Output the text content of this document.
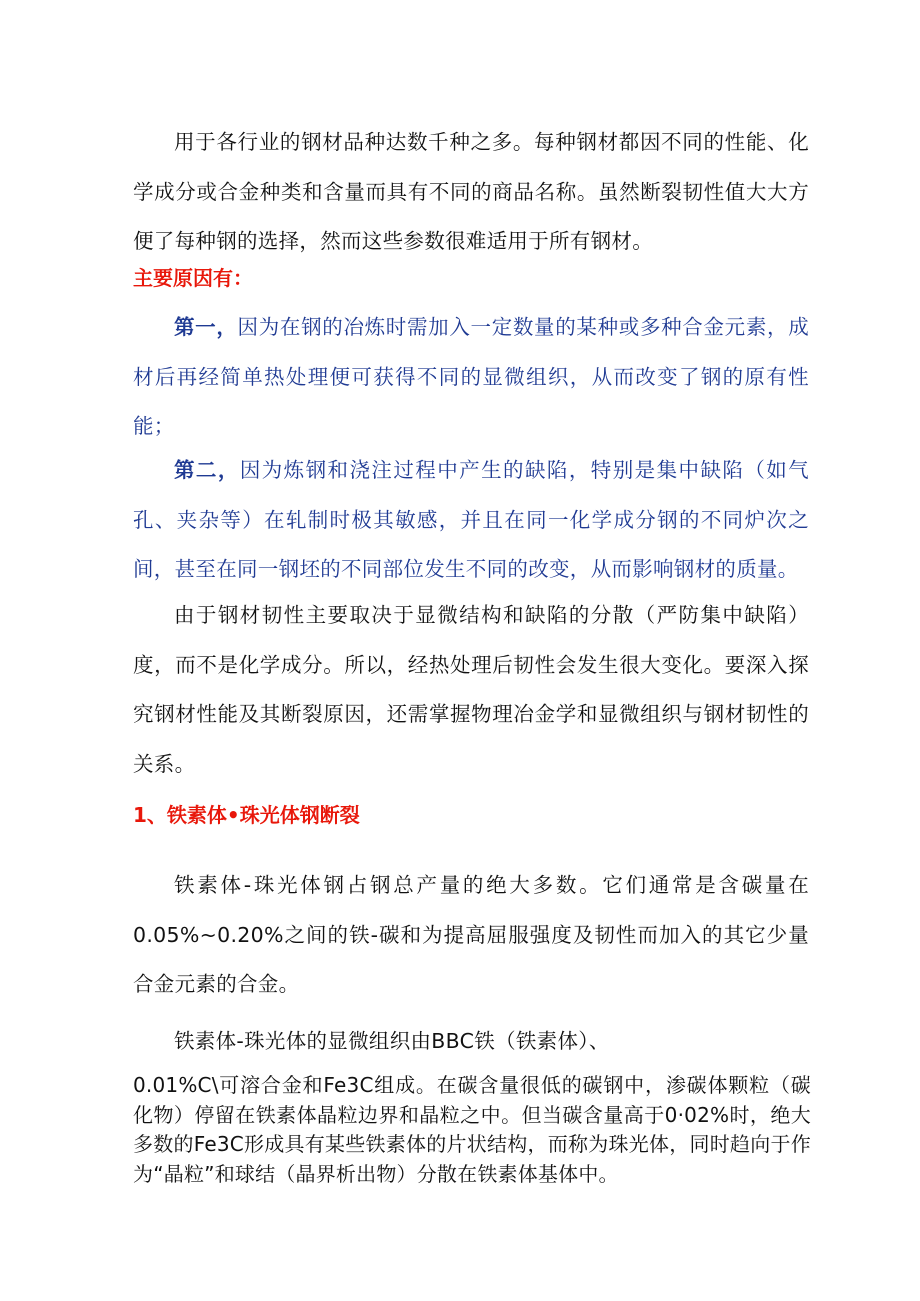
用于各行业的钢材品种达数千种之多。每种钢材都因不同的性能、化学成分或合金种类和含量而具有不同的商品名称。虽然断裂韧性值大大方便了每种钢的选择，然而这些参数很难适用于所有钢材。

主要原因有：

第一，因为在钢的冶炼时需加入一定数量的某种或多种合金元素，成材后再经简单热处理便可获得不同的显微组织，从而改变了钢的原有性能；

第二，因为炼钢和浇注过程中产生的缺陷，特别是集中缺陷（如气孔、夹杂等）在轧制时极其敏感，并且在同一化学成分钢的不同炉次之间，甚至在同一钢坯的不同部位发生不同的改变，从而影响钢材的质量。

由于钢材韧性主要取决于显微结构和缺陷的分散（严防集中缺陷）度，而不是化学成分。所以，经热处理后韧性会发生很大变化。要深入探究钢材性能及其断裂原因，还需掌握物理冶金学和显微组织与钢材韧性的关系。

1、铁素体•珠光体钢断裂

铁素体-珠光体钢占钢总产量的绝大多数。它们通常是含碳量在0.05%~0.20%之间的铁-碳和为提高屈服强度及韧性而加入的其它少量合金元素的合金。

铁素体-珠光体的显微组织由BBC铁（铁素体）、

0.01%C\可溶合金和Fe3C组成。在碳含量很低的碳钢中，渗碳体颗粒（碳化物）停留在铁素体晶粒边界和晶粒之中。但当碳含量高于0·02%时，绝大多数的Fe3C形成具有某些铁素体的片状结构，而称为珠光体，同时趋向于作为“晶粒”和球结（晶界析出物）分散在铁素体基体中。
